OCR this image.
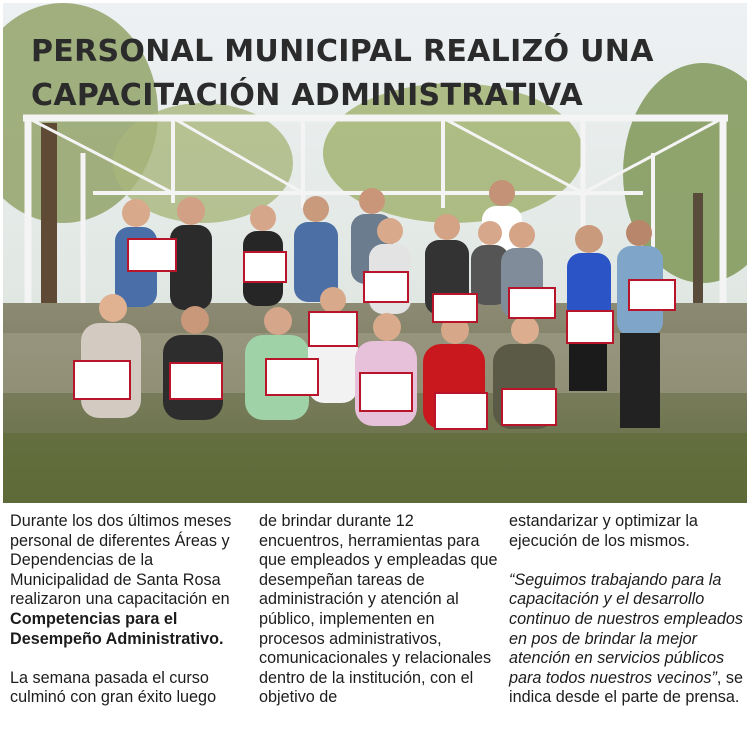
PERSONAL MUNICIPAL REALIZÓ UNA
CAPACITACIÓN ADMINISTRATIVA

Durante los dos últimos meses personal de diferentes Áreas y Dependencias de la Municipalidad de Santa Rosa realizaron una capacitación en Competencias para el Desempeño Administrativo.

La semana pasada el curso culminó con gran éxito luego

de brindar durante 12 encuentros, herramientas para que empleados y empleadas que desempeñan tareas de administración y atención al público, implementen en procesos administrativos, comunicacionales y relacionales dentro de la institución, con el objetivo de

estandarizar y optimizar la ejecución de los mismos.

“Seguimos trabajando para la capacitación y el desarrollo continuo de nuestros empleados en pos de brindar la mejor atención en servicios públicos para todos nuestros vecinos”, se indica desde el parte de prensa.
